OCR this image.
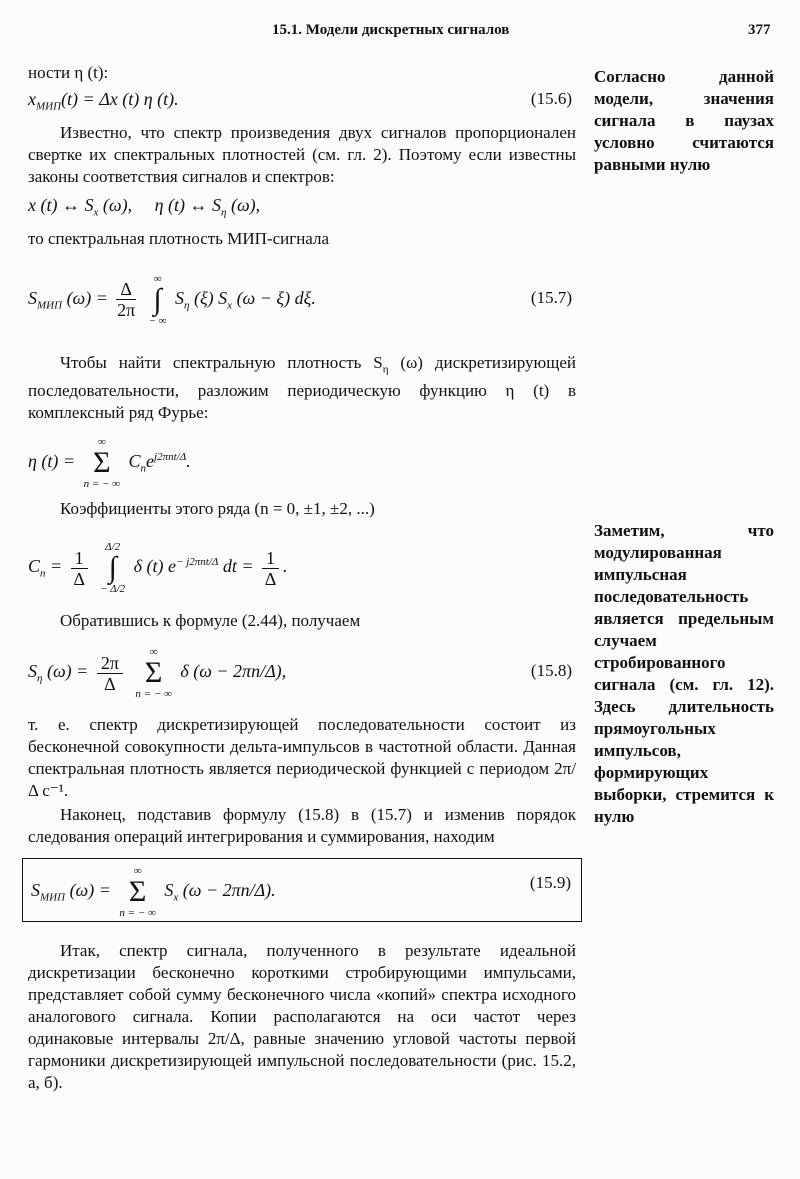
15.1. Модели дискретных сигналов	377

ности η (t):

$x_{МИП}(t) = \Delta x$ (t) η (t).	(15.6)

Известно, что спектр произведения двух сигналов пропорционален свертке их спектральных плотностей (см. гл. 2). Поэтому если известны законы соответствия сигналов и спектров:

x (t) ↔ $S_x$ (ω), η (t) ↔ $S_\eta$ (ω),

то спектральная плотность МИП-сигнала

$S_{МИП}$ $(\omega) = \frac{\Delta}{2\pi}$

∞
∫
− ∞
$S_\eta$ (ξ) $S_x$ (ω − ξ) dξ.	(15.7)

Чтобы найти спектральную плотность $S_\eta$ (ω) дискретизирующей последовательности, разложим периодическую функцию η (t) в комплексный ряд Фурье:

η (t) =
∞
Σ
n = − ∞
$C_ne^{j2\pi nt/\Delta}$.

Коэффициенты этого ряда (n = 0, ±1, ±2, ...)

$C_n = \frac{1}{\Delta}$

Δ/2
∫
− Δ/2
δ (t) $e^{- j2\pi nt/\Delta}$ dt = $\frac{1}{\Delta}$ .

Обратившись к формуле (2.44), получаем

$S_\eta$ $(\omega) = \frac{2\pi}{\Delta}$

∞
Σ
n = − ∞
δ (ω − 2πn/Δ),	(15.8)

т. е. спектр дискретизирующей последовательности состоит из бесконечной совокупности дельта-импульсов в частотной области. Данная спектральная плотность является периодической функцией с периодом 2π/Δ c⁻¹.

Наконец, подставив формулу (15.8) в (15.7) и изменив порядок следования операций интегрирования и суммирования, находим

$S_{МИП}$ (ω) =
∞
Σ
n = − ∞
$S_x$ (ω − 2πn/Δ).	(15.9)

Итак, спектр сигнала, полученного в результате идеальной дискретизации бесконечно короткими стробирующими импульсами, представляет собой сумму бесконечного числа «копий» спектра исходного аналогового сигнала. Копии располагаются на оси частот через одинаковые интервалы 2π/Δ, равные значению угловой частоты первой гармоники дискретизирующей импульсной последовательности (рис. 15.2, а, б).

Согласно данной модели, значения сигнала в паузах условно считаются равными нулю
Заметим, что модулированная импульсная последовательность является предельным случаем стробированного сигнала (см. гл. 12). Здесь длительность прямоугольных импульсов, формирующих выборки, стремится к нулю
